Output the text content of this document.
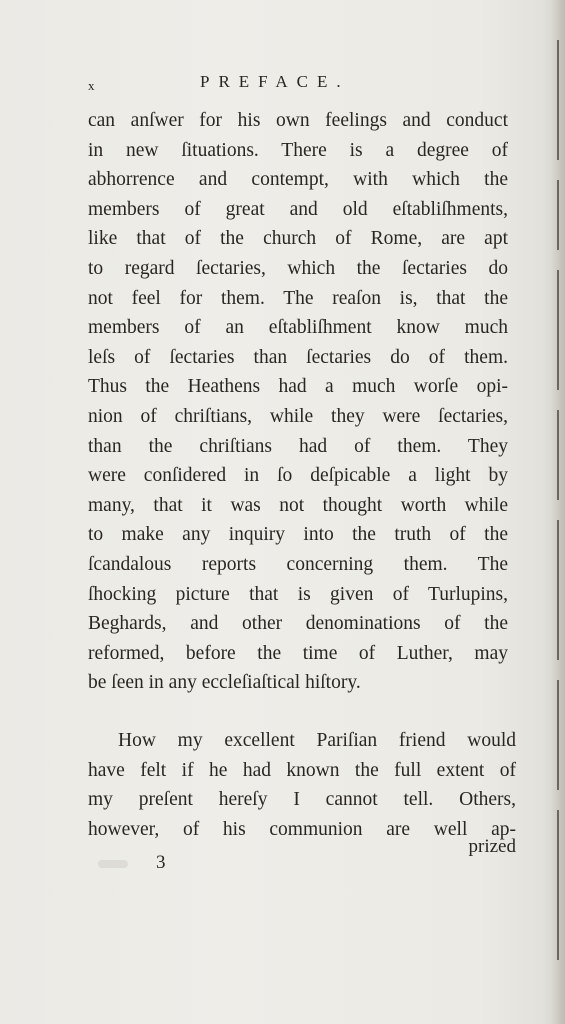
x	PREFACE.
can anſwer for his own feelings and conduct
in new ſituations. There is a degree of
abhorrence and contempt, with which the
members of great and old eſtabliſhments,
like that of the church of Rome, are apt
to regard ſectaries, which the ſectaries do
not feel for them. The reaſon is, that the
members of an eſtabliſhment know much
leſs of ſectaries than ſectaries do of them.
Thus the Heathens had a much worſe opi-
nion of chriſtians, while they were ſectaries,
than the chriſtians had of them. They
were conſidered in ſo deſpicable a light by
many, that it was not thought worth while
to make any inquiry into the truth of the
ſcandalous reports concerning them. The
ſhocking picture that is given of Turlupins,
Beghards, and other denominations of the
reformed, before the time of Luther, may
be ſeen in any eccleſiaſtical hiſtory.
How my excellent Pariſian friend would
have felt if he had known the full extent of
my preſent hereſy I cannot tell. Others,
however, of his communion are well ap-
3
prized
